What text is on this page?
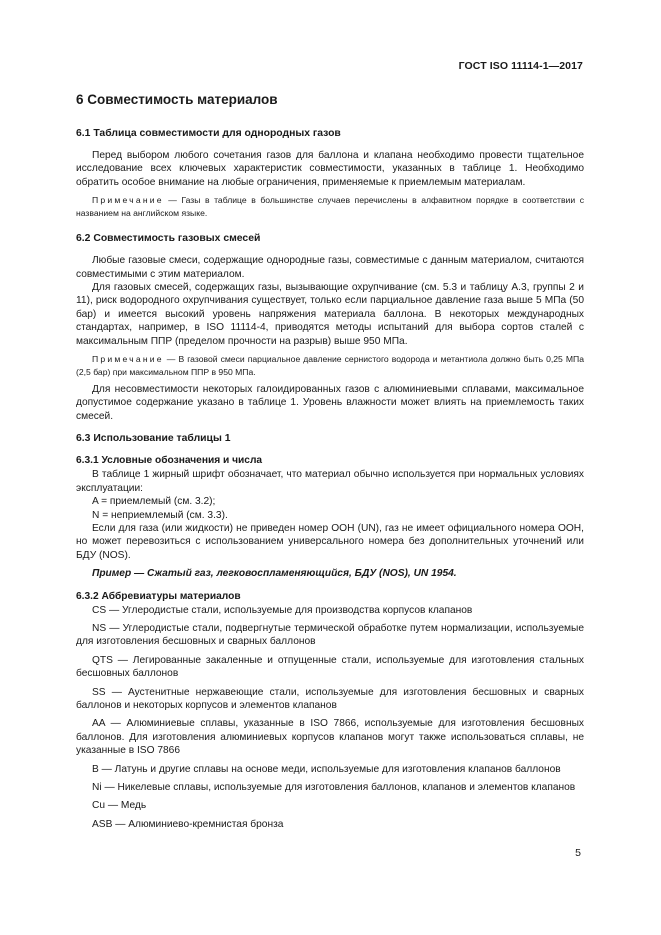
ГОСТ ISO 11114-1—2017
6 Совместимость материалов
6.1 Таблица совместимости для однородных газов

Перед выбором любого сочетания газов для баллона и клапана необходимо провести тщательное исследование всех ключевых характеристик совместимости, указанных в таблице 1. Необходимо обратить особое внимание на любые ограничения, применяемые к приемлемым материалам.

Примечание — Газы в таблице в большинстве случаев перечислены в алфавитном порядке в соответствии с названием на английском языке.

6.2 Совместимость газовых смесей

Любые газовые смеси, содержащие однородные газы, совместимые с данным материалом, считаются совместимыми с этим материалом.

Для газовых смесей, содержащих газы, вызывающие охрупчивание (см. 5.3 и таблицу А.3, группы 2 и 11), риск водородного охрупчивания существует, только если парциальное давление газа выше 5 МПа (50 бар) и имеется высокий уровень напряжения материала баллона. В некоторых международных стандартах, например, в ISO 11114-4, приводятся методы испытаний для выбора сортов сталей с максимальным ППР (пределом прочности на разрыв) выше 950 МПа.

Примечание — В газовой смеси парциальное давление сернистого водорода и метантиола должно быть 0,25 МПа (2,5 бар) при максимальном ППР в 950 МПа.

Для несовместимости некоторых галоидированных газов с алюминиевыми сплавами, максимальное допустимое содержание указано в таблице 1. Уровень влажности может влиять на приемлемость таких смесей.

6.3 Использование таблицы 1
6.3.1 Условные обозначения и числа

В таблице 1 жирный шрифт обозначает, что материал обычно используется при нормальных условиях эксплуатации:

A = приемлемый (см. 3.2);

N = неприемлемый (см. 3.3).

Если для газа (или жидкости) не приведен номер ООН (UN), газ не имеет официального номера ООН, но может перевозиться с использованием универсального номера без дополнительных уточнений или БДУ (NOS).

Пример — Сжатый газ, легковоспламеняющийся, БДУ (NOS), UN 1954.

6.3.2 Аббревиатуры материалов

CS — Углеродистые стали, используемые для производства корпусов клапанов

NS — Углеродистые стали, подвергнутые термической обработке путем нормализации, используемые для изготовления бесшовных и сварных баллонов

QTS — Легированные закаленные и отпущенные стали, используемые для изготовления стальных бесшовных баллонов

SS — Аустенитные нержавеющие стали, используемые для изготовления бесшовных и сварных баллонов и некоторых корпусов и элементов клапанов

AA — Алюминиевые сплавы, указанные в ISO 7866, используемые для изготовления бесшовных баллонов. Для изготовления алюминиевых корпусов клапанов могут также использоваться сплавы, не указанные в ISO 7866

B — Латунь и другие сплавы на основе меди, используемые для изготовления клапанов баллонов

Ni — Никелевые сплавы, используемые для изготовления баллонов, клапанов и элементов клапанов

Cu — Медь

ASB — Алюминиево-кремнистая бронза

5
